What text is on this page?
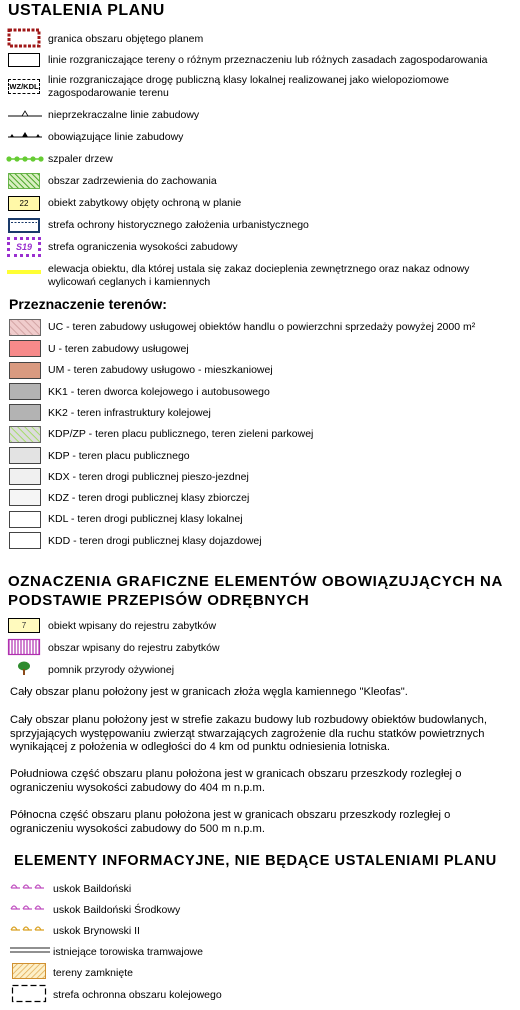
USTALENIA PLANU
granica obszaru objętego planem
linie rozgraniczające tereny o różnym przeznaczeniu lub różnych zasadach zagospodarowania
WZ/KDL
linie rozgraniczające drogę publiczną klasy lokalnej realizowanej jako wielopoziomowe zagospodarowanie terenu
nieprzekraczalne linie zabudowy
obowiązujące linie zabudowy
szpaler drzew
obszar zadrzewienia do zachowania
22	obiekt zabytkowy objęty ochroną w planie
strefa ochrony historycznego założenia urbanistycznego
S19	strefa ograniczenia wysokości zabudowy
elewacja obiektu, dla której ustala się zakaz docieplenia zewnętrznego oraz nakaz odnowy wylicowań ceglanych i kamiennych
Przeznaczenie terenów:
UC - teren zabudowy usługowej obiektów handlu o powierzchni sprzedaży powyżej 2000 m²
U - teren zabudowy usługowej
UM - teren zabudowy usługowo - mieszkaniowej
KK1 - teren dworca kolejowego i autobusowego
KK2 - teren infrastruktury kolejowej
KDP/ZP - teren placu publicznego, teren zieleni parkowej
KDP - teren placu publicznego
KDX - teren drogi publicznej pieszo-jezdnej
KDZ - teren drogi publicznej klasy zbiorczej
KDL - teren drogi publicznej klasy lokalnej
KDD - teren drogi publicznej klasy dojazdowej
OZNACZENIA GRAFICZNE ELEMENTÓW OBOWIĄZUJĄCYCH NA PODSTAWIE PRZEPISÓW ODRĘBNYCH
7	obiekt wpisany do rejestru zabytków
obszar wpisany do rejestru zabytków
pomnik przyrody ożywionej
Cały obszar planu położony jest w granicach złoża węgla kamiennego "Kleofas".
Cały obszar planu położony jest w strefie zakazu budowy lub rozbudowy obiektów budowlanych, sprzyjających występowaniu zwierząt stwarzających zagrożenie dla ruchu statków powietrznych wynikającej z położenia w odległości do 4 km od punktu odniesienia lotniska.
Południowa część obszaru planu położona jest w granicach obszaru przeszkody rozległej o ograniczeniu wysokości zabudowy do 404 m n.p.m.
Północna część obszaru planu położona jest w granicach obszaru przeszkody rozległej o ograniczeniu wysokości zabudowy do 500 m n.p.m.
ELEMENTY INFORMACYJNE, NIE BĘDĄCE USTALENIAMI PLANU
uskok Baildoński
uskok Baildoński Środkowy
uskok Brynowski II
istniejące torowiska tramwajowe
tereny zamknięte
strefa ochronna obszaru kolejowego
